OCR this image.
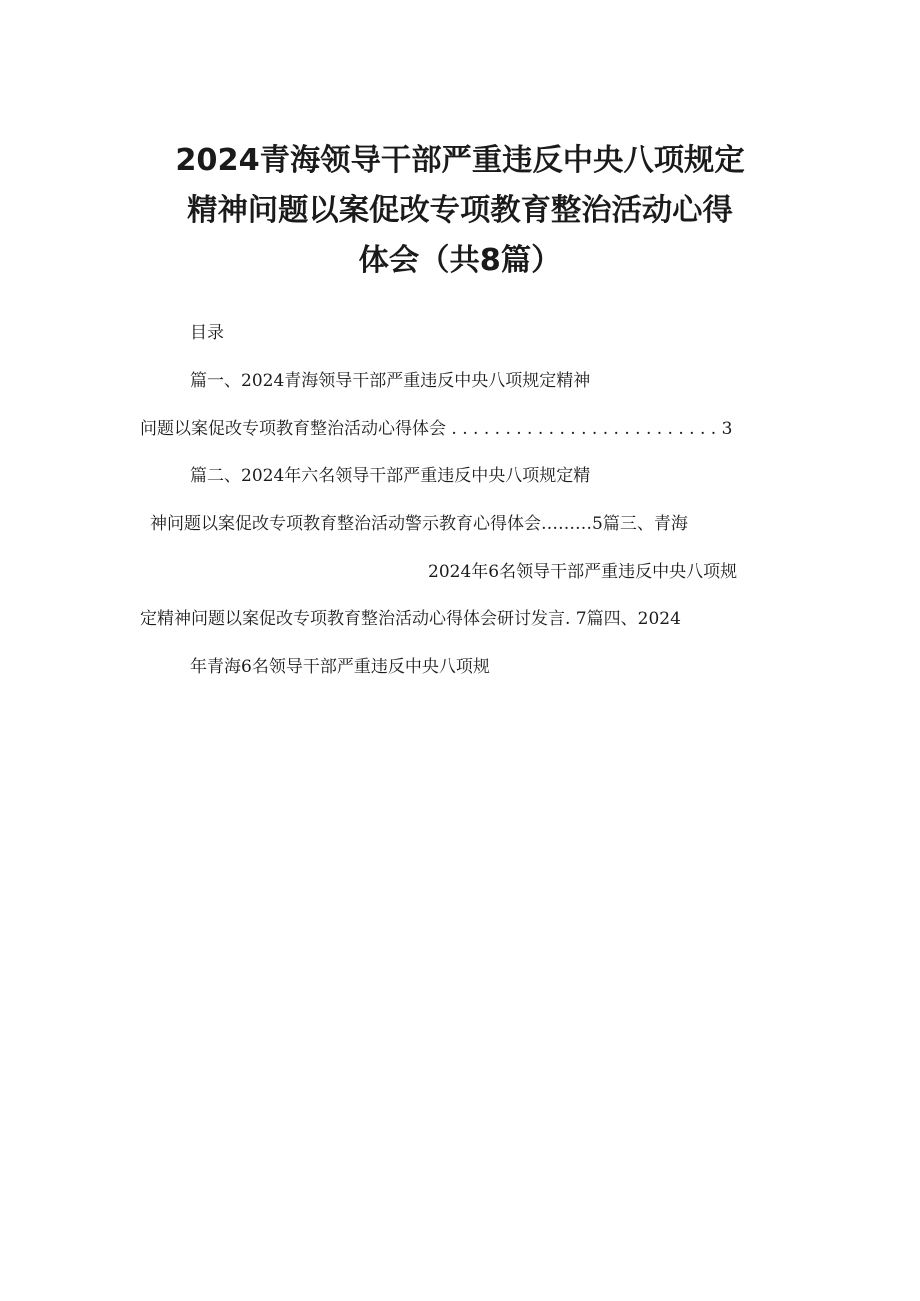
2024青海领导干部严重违反中央八项规定
精神问题以案促改专项教育整治活动心得
体会（共8篇）
目录
篇一、2024青海领导干部严重违反中央八项规定精神
问题以案促改专项教育整治活动心得体会 . . . . . . . . . . . . . . . . . . . . . . . . . 3
篇二、2024年六名领导干部严重违反中央八项规定精
神问题以案促改专项教育整治活动警示教育心得体会………5篇三、青海
2024年6名领导干部严重违反中央八项规
定精神问题以案促改专项教育整治活动心得体会研讨发言. 7篇四、2024
年青海6名领导干部严重违反中央八项规
